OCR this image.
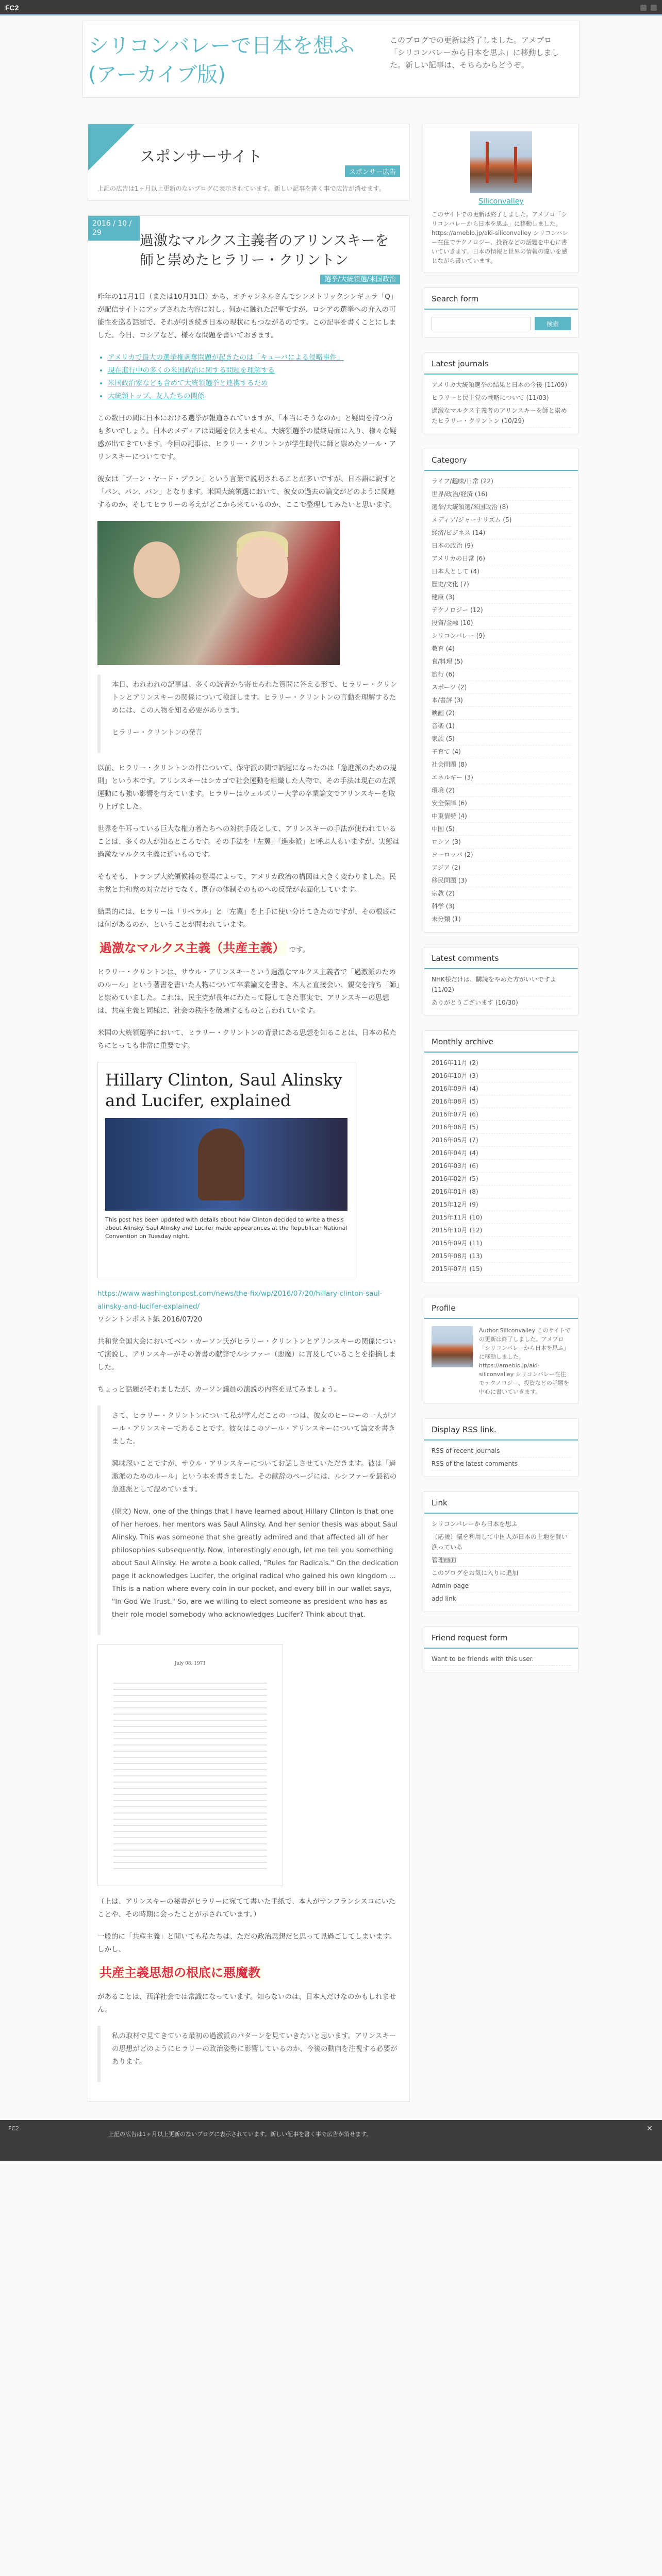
FC2
シリコンバレーで日本を想ふ (アーカイブ版)
このブログでの更新は終了しました。アメブロ「シリコンバレーから日本を思ふ」に移動しました。新しい記事は、そちらからどうぞ。
スポンサーサイト
スポンサー広告
上記の広告は1ヶ月以上更新のないブログに表示されています。新しい記事を書く事で広告が消せます。
2016 / 10 / 29	過激なマルクス主義者のアリンスキーを師と崇めたヒラリー・クリントン
選挙/大統領選/米国政治

昨年の11月1日（または10月31日）から、オチャンネルさんでシンメトリックシンギュラ「Q」が配信サイトにアップされた内容に対し、何かに触れた記事ですが、ロシアの選挙への介入の可能性を巡る話題で、それが引き続き日本の現状にもつながるのです。この記事を書くことにしました。今日、ロシアなど、様々な問題を書いておきます。

• アメリカで最大の選挙権剥奪問題が起きたのは「キューバによる侵略事件」
• 現在進行中の多くの米国政治に関する問題を理解する
• 米国政治家なども含めて大統領選挙と連携するため
• 大統領トップ、友人たちの関係

この数日の間に日本における選挙が報道されていますが、「本当にそうなのか」と疑問を持つ方も多いでしょう。日本のメディアは問題を伝えません。大統領選挙の最終局面に入り、様々な疑惑が出てきています。今回の記事は、ヒラリー・クリントンが学生時代に師と崇めたソール・アリンスキーについてです。

彼女は「ブーン・ヤード・ブラン」という言葉で説明されることが多いですが、日本語に訳すと「パン、パン、パン」となります。米国大統領選において、彼女の過去の論文がどのように関連するのか、そしてヒラリーの考えがどこから来ているのか、ここで整理してみたいと思います。

本日、われわれの記事は、多くの読者から寄せられた質問に答える形で、ヒラリー・クリントンとアリンスキーの関係について検証します。ヒラリー・クリントンの言動を理解するためには、この人物を知る必要があります。

ヒラリー・クリントンの発言

以前、ヒラリー・クリントンの件について、保守派の間で話題になったのは「急進派のための規則」という本です。アリンスキーはシカゴで社会運動を組織した人物で、その手法は現在の左派運動にも強い影響を与えています。ヒラリーはウェルズリー大学の卒業論文でアリンスキーを取り上げました。

世界を牛耳っている巨大な権力者たちへの対抗手段として、アリンスキーの手法が使われていることは、多くの人が知るところです。その手法を「左翼」「進歩派」と呼ぶ人もいますが、実態は過激なマルクス主義に近いものです。

そもそも、トランプ大統領候補の登場によって、アメリカ政治の構図は大きく変わりました。民主党と共和党の対立だけでなく、既存の体制そのものへの反発が表面化しています。

結果的には、ヒラリーは「リベラル」と「左翼」を上手に使い分けてきたのですが、その根底には何があるのか、ということが問われています。

過激なマルクス主義（共産主義） です。

ヒラリー・クリントンは、サウル・アリンスキーという過激なマルクス主義者で「過激派のためのルール」という著書を書いた人物について卒業論文を書き、本人と直接会い、親交を持ち「師」と崇めていました。これは、民主党が長年にわたって隠してきた事実で、アリンスキーの思想は、共産主義と同様に、社会の秩序を破壊するものと言われています。

米国の大統領選挙において、ヒラリー・クリントンの背景にある思想を知ることは、日本の私たちにとっても非常に重要です。

Hillary Clinton, Saul Alinsky and Lucifer, explained
This post has been updated with details about how Clinton decided to write a thesis about Alinsky. Saul Alinsky and Lucifer made appearances at the Republican National Convention on Tuesday night.

https://www.washingtonpost.com/news/the-fix/wp/2016/07/20/hillary-clinton-saul-alinsky-and-lucifer-explained/
ワシントンポスト紙 2016/07/20

共和党全国大会においてベン・カーソン氏がヒラリー・クリントンとアリンスキーの関係について演説し、アリンスキーがその著書の献辞でルシファー（悪魔）に言及していることを指摘しました。

ちょっと話題がそれましたが、カーソン議員の演説の内容を見てみましょう。

さて、ヒラリー・クリントンについて私が学んだことの一つは、彼女のヒーローの一人がソール・アリンスキーであることです。彼女はこのソール・アリンスキーについて論文を書きました。

興味深いことですが、サウル・アリンスキーについてお話しさせていただきます。彼は「過激派のためのルール」という本を書きました。その献辞のページには、ルシファーを最初の急進派として認めています。

(原文) Now, one of the things that I have learned about Hillary Clinton is that one of her heroes, her mentors was Saul Alinsky. And her senior thesis was about Saul Alinsky. This was someone that she greatly admired and that affected all of her philosophies subsequently. Now, interestingly enough, let me tell you something about Saul Alinsky. He wrote a book called, "Rules for Radicals." On the dedication page it acknowledges Lucifer, the original radical who gained his own kingdom ... This is a nation where every coin in our pocket, and every bill in our wallet says, "In God We Trust." So, are we willing to elect someone as president who has as their role model somebody who acknowledges Lucifer? Think about that.

July 08, 1971

（上は、アリンスキーの秘書がヒラリーに宛てて書いた手紙で、本人がサンフランシスコにいたことや、その時期に会ったことが示されています。）

一般的に「共産主義」と聞いても私たちは、ただの政治思想だと思って見過ごしてしまいます。しかし、

共産主義思想の根底に悪魔教

があることは、西洋社会では常識になっています。知らないのは、日本人だけなのかもしれません。

私の取材で見てきている最初の過激派のパターンを見ていきたいと思います。アリンスキーの思想がどのようにヒラリーの政治姿勢に影響しているのか、今後の動向を注視する必要があります。

Siliconvalley
このサイトでの更新は終了しました。アメブロ「シリコンバレーから日本を思ふ」に移動しました。 https://ameblo.jp/aki-siliconvalley シリコンバレー在住でテクノロジー、投資などの話題を中心に書いていきます。日本の情報と世界の情報の違いを感じながら書いています。
Search form
検索
Latest journals
アメリカ大統領選挙の結果と日本の今後 (11/09)
ヒラリーと民主党の戦略について (11/03)
過激なマルクス主義者のアリンスキーを師と崇めたヒラリー・クリントン (10/29)
Category
ライフ/趣味/日常 (22)
世界/政治/経済 (16)
選挙/大統領選/米国政治 (8)
メディア/ジャーナリズム (5)
経済/ビジネス (14)
日本の政治 (9)
アメリカの日常 (6)
日本人として (4)
歴史/文化 (7)
健康 (3)
テクノロジー (12)
投資/金融 (10)
シリコンバレー (9)
教育 (4)
食/料理 (5)
旅行 (6)
スポーツ (2)
本/書評 (3)
映画 (2)
音楽 (1)
家族 (5)
子育て (4)
社会問題 (8)
エネルギー (3)
環境 (2)
安全保障 (6)
中東情勢 (4)
中国 (5)
ロシア (3)
ヨーロッパ (2)
アジア (2)
移民問題 (3)
宗教 (2)
科学 (3)
未分類 (1)
Latest comments
NHK様だけは、購読をやめた方がいいですよ (11/02)
ありがとうございます (10/30)
Monthly archive
2016年11月 (2)
2016年10月 (3)
2016年09月 (4)
2016年08月 (5)
2016年07月 (6)
2016年06月 (5)
2016年05月 (7)
2016年04月 (4)
2016年03月 (6)
2016年02月 (5)
2016年01月 (8)
2015年12月 (9)
2015年11月 (10)
2015年10月 (12)
2015年09月 (11)
2015年08月 (13)
2015年07月 (15)
Profile
Author:Siliconvalley このサイトでの更新は終了しました。アメブロ「シリコンバレーから日本を思ふ」に移動しました。 https://ameblo.jp/aki-siliconvalley シリコンバレー在住でテクノロジー、投資などの話題を中心に書いていきます。
Display RSS link.
RSS of recent journals
RSS of the latest comments
Link
シリコンバレーから日本を思ふ
（応援）議を利用して中国人が日本の土地を買い漁っている
管理画面
このブログをお気に入りに追加
Admin page
add link
Friend request form
Want to be friends with this user.
FC2
上記の広告は1ヶ月以上更新のないブログに表示されています。新しい記事を書く事で広告が消せます。
✕
